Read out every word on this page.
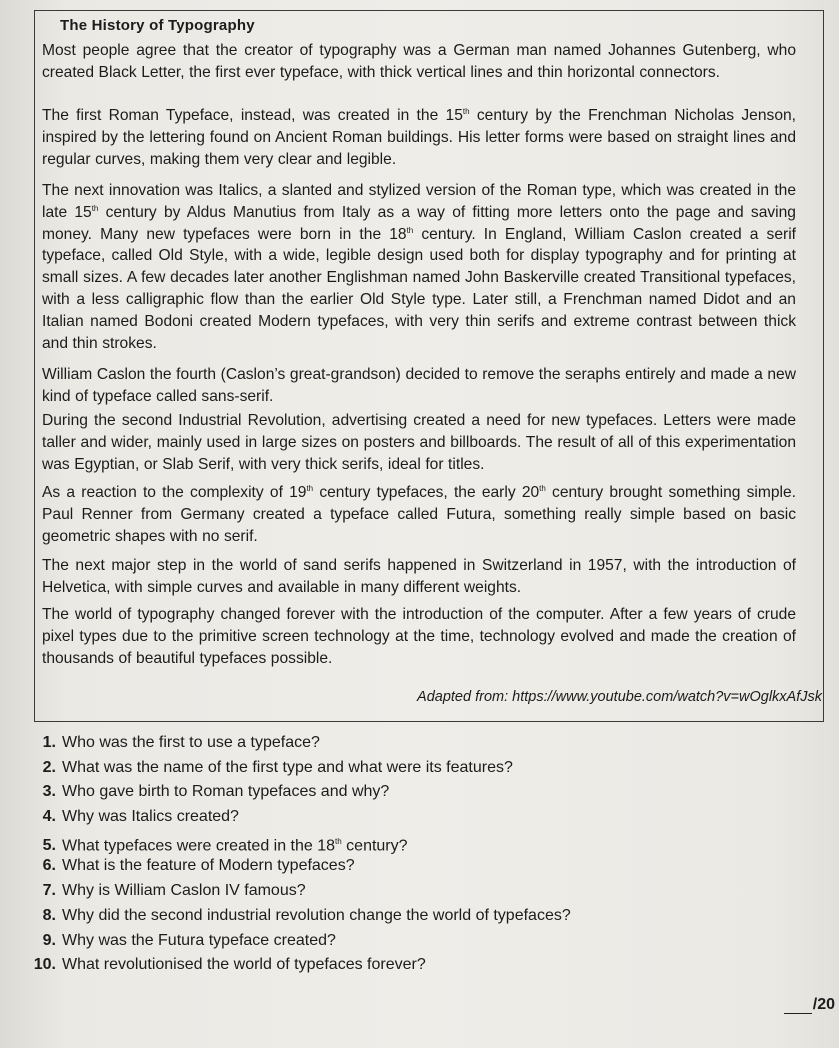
The History of Typography
Most people agree that the creator of typography was a German man named Johannes Gutenberg, who created Black Letter, the first ever typeface, with thick vertical lines and thin horizontal connectors.
The first Roman Typeface, instead, was created in the 15th century by the Frenchman Nicholas Jenson, inspired by the lettering found on Ancient Roman buildings. His letter forms were based on straight lines and regular curves, making them very clear and legible.
The next innovation was Italics, a slanted and stylized version of the Roman type, which was created in the late 15th century by Aldus Manutius from Italy as a way of fitting more letters onto the page and saving money. Many new typefaces were born in the 18th century. In England, William Caslon created a serif typeface, called Old Style, with a wide, legible design used both for display typography and for printing at small sizes. A few decades later another Englishman named John Baskerville created Transitional typefaces, with a less calligraphic flow than the earlier Old Style type. Later still, a Frenchman named Didot and an Italian named Bodoni created Modern typefaces, with very thin serifs and extreme contrast between thick and thin strokes.
William Caslon the fourth (Caslon’s great-grandson) decided to remove the seraphs entirely and made a new kind of typeface called sans-serif.
During the second Industrial Revolution, advertising created a need for new typefaces. Letters were made taller and wider, mainly used in large sizes on posters and billboards. The result of all of this experimentation was Egyptian, or Slab Serif, with very thick serifs, ideal for titles.
As a reaction to the complexity of 19th century typefaces, the early 20th century brought something simple. Paul Renner from Germany created a typeface called Futura, something really simple based on basic geometric shapes with no serif.
The next major step in the world of sand serifs happened in Switzerland in 1957, with the introduction of Helvetica, with simple curves and available in many different weights.
The world of typography changed forever with the introduction of the computer. After a few years of crude pixel types due to the primitive screen technology at the time, technology evolved and made the creation of thousands of beautiful typefaces possible.
Adapted from: https://www.youtube.com/watch?v=wOglkxAfJsk
1. Who was the first to use a typeface?
2. What was the name of the first type and what were its features?
3. Who gave birth to Roman typefaces and why?
4. Why was Italics created?
5. What typefaces were created in the 18th century?
6. What is the feature of Modern typefaces?
7. Why is William Caslon IV famous?
8. Why did the second industrial revolution change the world of typefaces?
9. Why was the Futura typeface created?
10. What revolutionised the world of typefaces forever?
/20
